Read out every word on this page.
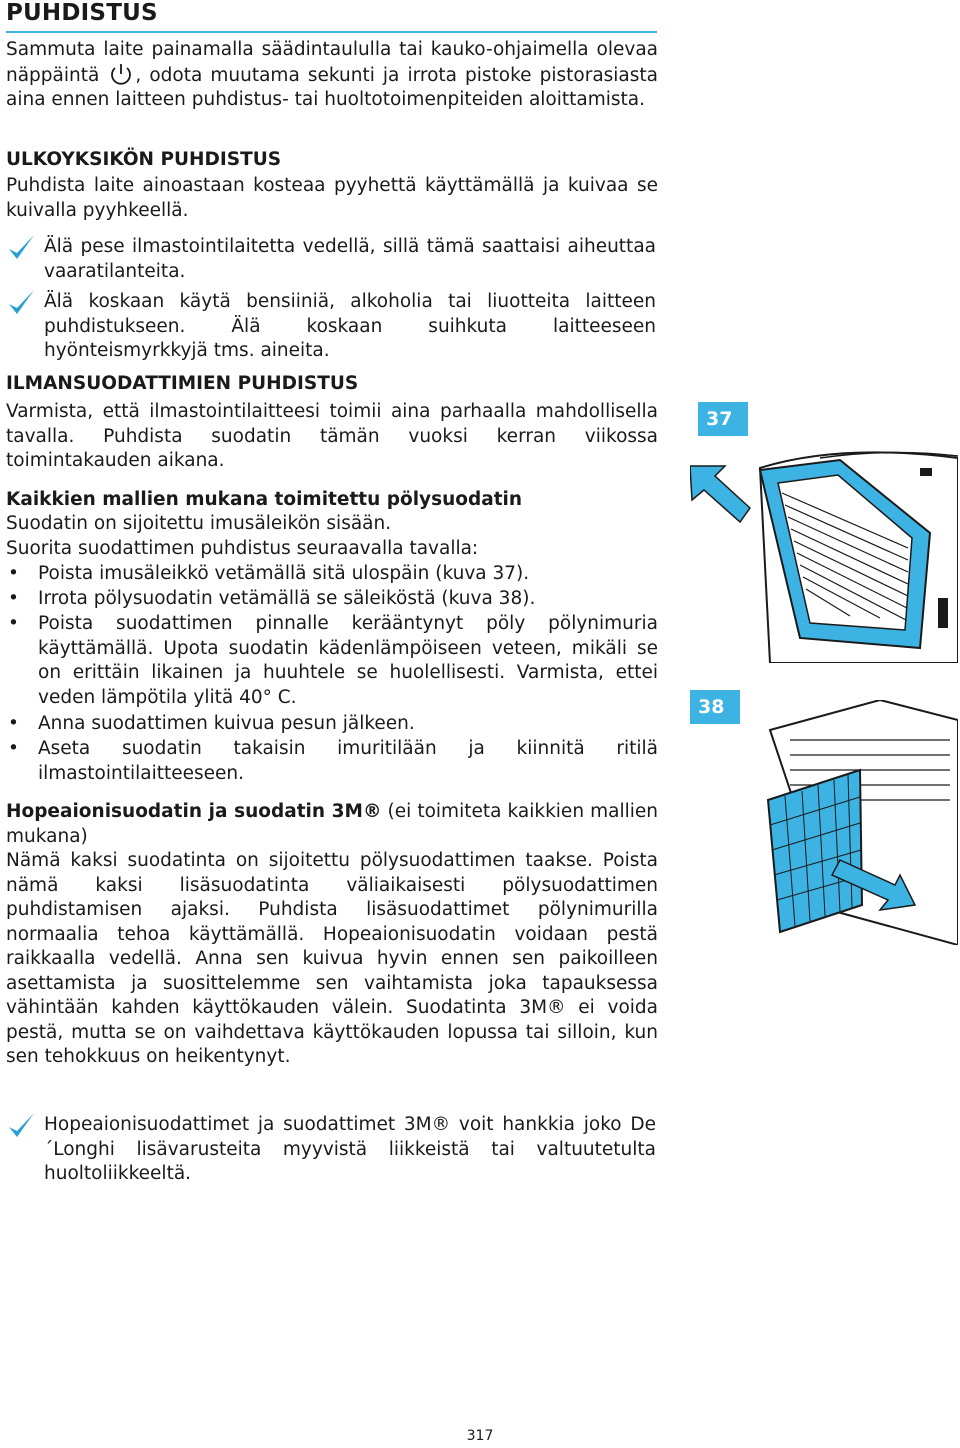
PUHDISTUS
Sammuta laite painamalla säädintaululla tai kauko-ohjaimella olevaa näppäintä , odota muutama sekunti ja irrota pistoke pistorasiasta aina ennen laitteen puhdistus- tai huoltotoimenpiteiden aloittamista.
ULKOYKSIKÖN PUHDISTUS
Puhdista laite ainoastaan kosteaa pyyhettä käyttämällä ja kuivaa se kuivalla pyyhkeellä.
Älä pese ilmastointilaitetta vedellä, sillä tämä saattaisi aiheuttaa vaaratilanteita.
Älä koskaan käytä bensiiniä, alkoholia tai liuotteita laitteen puhdistukseen. Älä koskaan suihkuta laitteeseen hyönteismyrkkyjä tms. aineita.
ILMANSUODATTIMIEN PUHDISTUS
Varmista, että ilmastointilaitteesi toimii aina parhaalla mahdollisella tavalla. Puhdista suodatin tämän vuoksi kerran viikossa toimintakauden aikana.
Kaikkien mallien mukana toimitettu pölysuodatin
Suodatin on sijoitettu imusäleikön sisään.
Suorita suodattimen puhdistus seuraavalla tavalla:
• Poista imusäleikkö vetämällä sitä ulospäin (kuva 37).
• Irrota pölysuodatin vetämällä se säleiköstä (kuva 38).
• Poista suodattimen pinnalle kerääntynyt pöly pölynimuria käyttämällä. Upota suodatin kädenlämpöiseen veteen, mikäli se on erittäin likainen ja huuhtele se huolellisesti. Varmista, ettei veden lämpötila ylitä 40° C.
• Anna suodattimen kuivua pesun jälkeen.
• Aseta suodatin takaisin imuritilään ja kiinnitä ritilä ilmastointilaitteeseen.
Hopeaionisuodatin ja suodatin 3M® (ei toimiteta kaikkien mallien mukana)
Nämä kaksi suodatinta on sijoitettu pölysuodattimen taakse. Poista nämä kaksi lisäsuodatinta väliaikaisesti pölysuodattimen puhdistamisen ajaksi. Puhdista lisäsuodattimet pölynimurilla normaalia tehoa käyttämällä. Hopeaionisuodatin voidaan pestä raikkaalla vedellä. Anna sen kuivua hyvin ennen sen paikoilleen asettamista ja suosittelemme sen vaihtamista joka tapauksessa vähintään kahden käyttökauden välein. Suodatinta 3M® ei voida pestä, mutta se on vaihdettava käyttökauden lopussa tai silloin, kun sen tehokkuus on heikentynyt.
Hopeaionisuodattimet ja suodattimet 3M® voit hankkia joko De´Longhi lisävarusteita myyvistä liikkeistä tai valtuutetulta huoltoliikkeeltä.
37
38
317
